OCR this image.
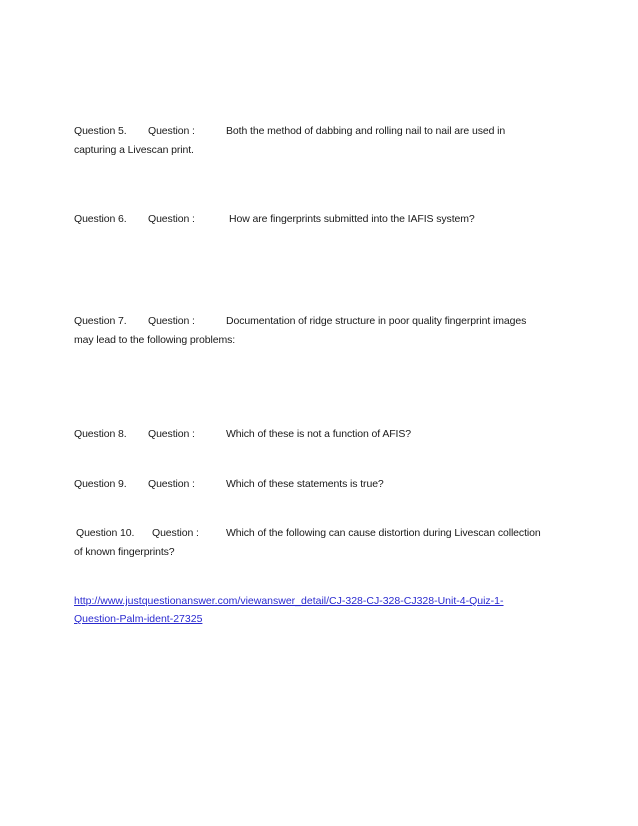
Question 5. Question :	Both the method of dabbing and rolling nail to nail are used in
capturing a Livescan print.
Question 6. Question :	How are fingerprints submitted into the IAFIS system?
Question 7. Question :	Documentation of ridge structure in poor quality fingerprint images
may lead to the following problems:
Question 8. Question :	Which of these is not a function of AFIS?
Question 9. Question :	Which of these statements is true?
Question 10. Question :	Which of the following can cause distortion during Livescan collection
of known fingerprints?
http://www.justquestionanswer.com/viewanswer_detail/CJ-328-CJ-328-CJ328-Unit-4-Quiz-1-
Question-Palm-ident-27325
